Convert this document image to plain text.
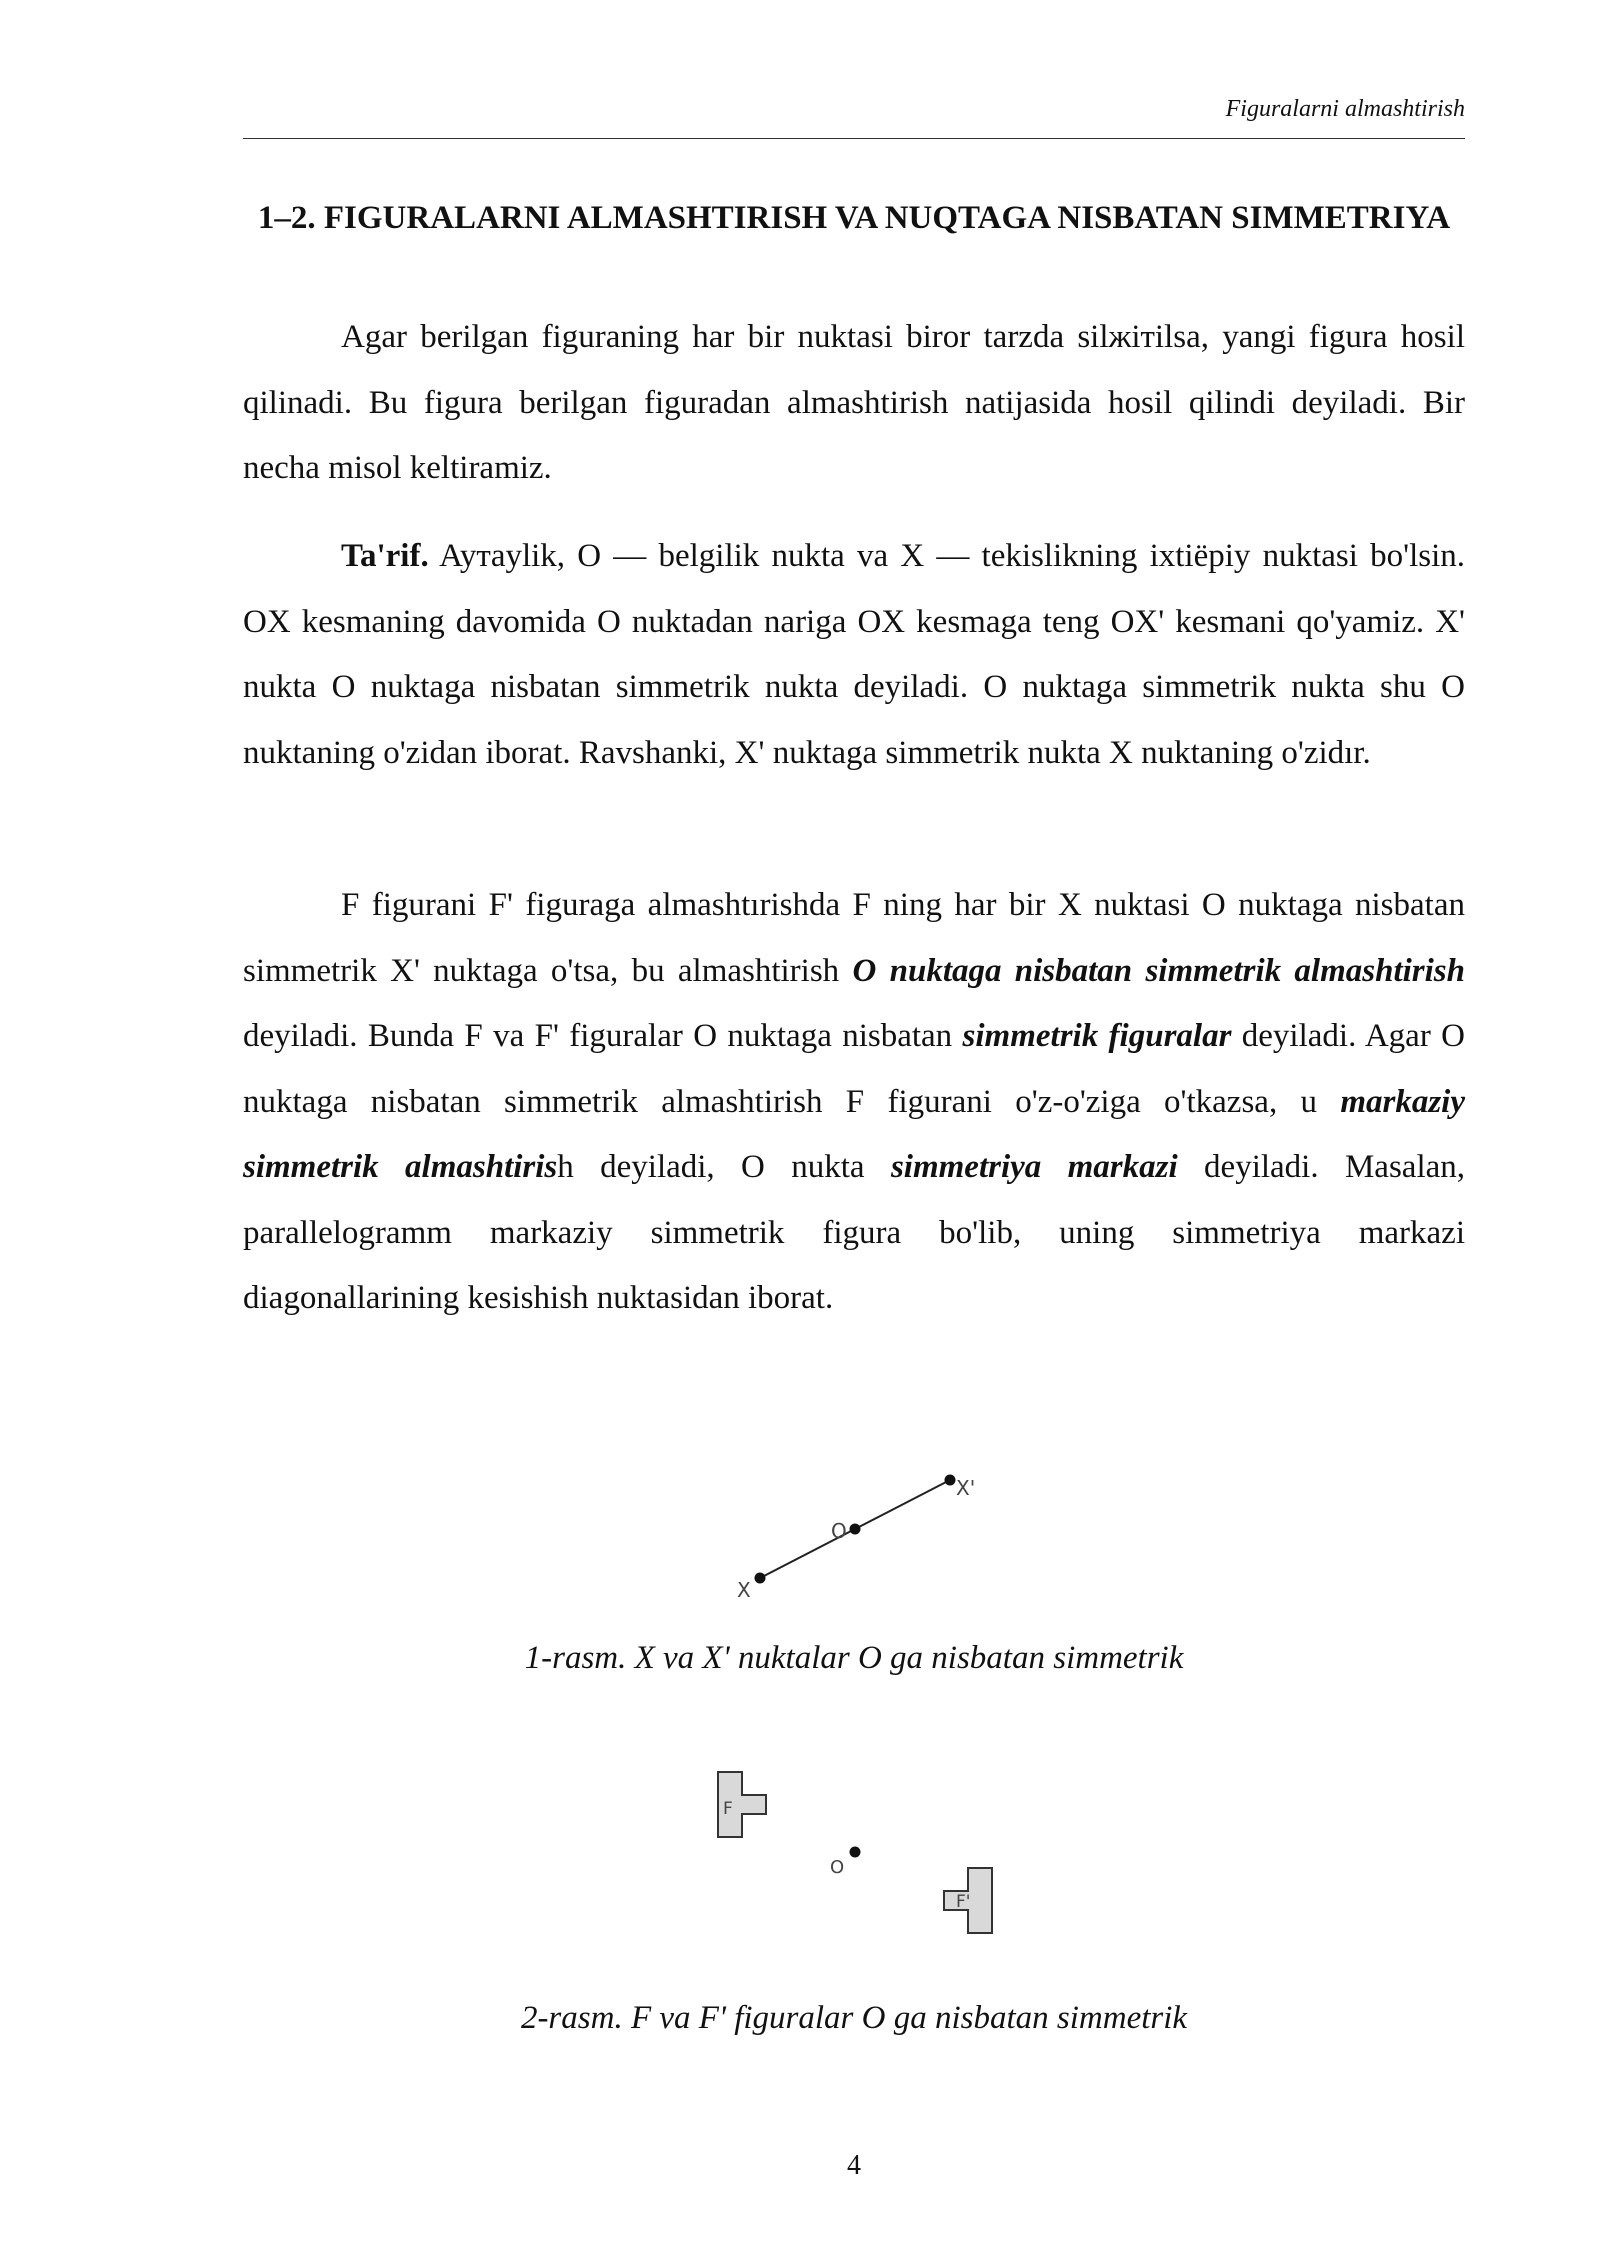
Figuralarni almashtirish
1–2. FIGURALARNI ALMASHTIRISH VA NUQTAGA NISBATAN SIMMETRIYA

Agar berilgan figuraning har bir nuktasi biror tarzda silжiтilsa, yangi figura hosil qilinadi. Bu figura berilgan figuradan almashtirish natijasida hosil qilindi deyiladi. Bir necha misol keltiramiz.

Ta'rif. Ayтaylik, O — belgilik nukta va X — tekislikning ixtiёpiy nuktasi bo'lsin. OX kesmaning davomida O nuktadan nariga OX kesmaga teng OX' kesmani qo'yamiz. X' nukta O nuktaga nisbatan simmetrik nukta deyiladi. O nuktaga simmetrik nukta shu O nuktaning o'zidan iborat. Ravshanki, X' nuktaga simmetrik nukta X nuktaning o'zidır.

F figurani F' figuraga almashtırishda F ning har bir X nuktasi O nuktaga nisbatan simmetrik X' nuktaga o'tsa, bu almashtirish O nuktaga nisbatan simmetrik almashtirish deyiladi. Bunda F va F' figuralar O nuktaga nisbatan simmetrik figuralar deyiladi. Agar O nuktaga nisbatan simmetrik almashtirish F figurani o'z-o'ziga o'tkazsa, u markaziy simmetrik almashtirish deyiladi, O nukta simmetriya markazi deyiladi. Masalan, parallelogramm markaziy simmetrik figura bo'lib, uning simmetriya markazi diagonallarining kesishish nuktasidan iborat.

X
O
X'

1-rasm. X va X' nuktalar O ga nisbatan simmetrik

F
O
F'

2-rasm. F va F' figuralar O ga nisbatan simmetrik

4
